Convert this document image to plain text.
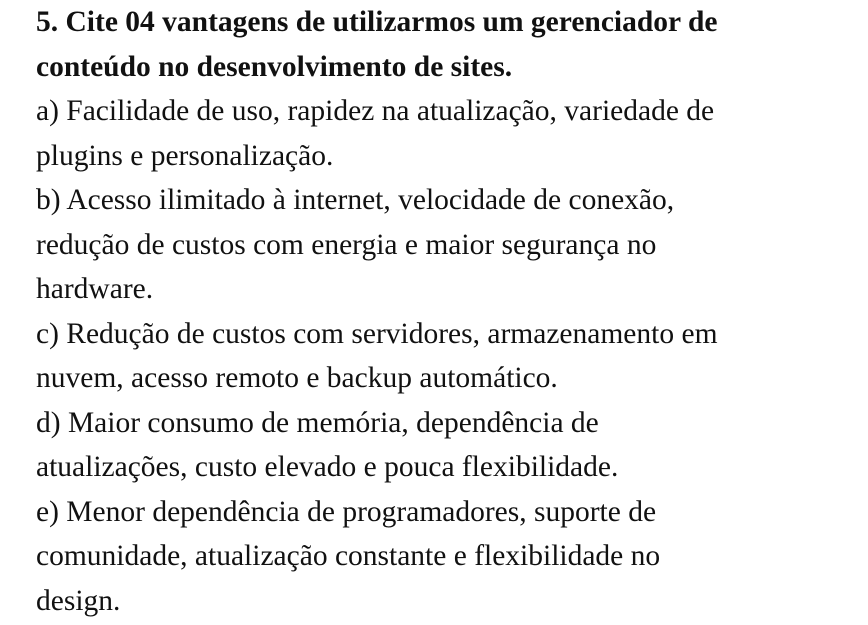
5. Cite 04 vantagens de utilizarmos um gerenciador de
conteúdo no desenvolvimento de sites.

a) Facilidade de uso, rapidez na atualização, variedade de
plugins e personalização.

b) Acesso ilimitado à internet, velocidade de conexão,
redução de custos com energia e maior segurança no
hardware.

c) Redução de custos com servidores, armazenamento em
nuvem, acesso remoto e backup automático.

d) Maior consumo de memória, dependência de
atualizações, custo elevado e pouca flexibilidade.

e) Menor dependência de programadores, suporte de
comunidade, atualização constante e flexibilidade no
design.
